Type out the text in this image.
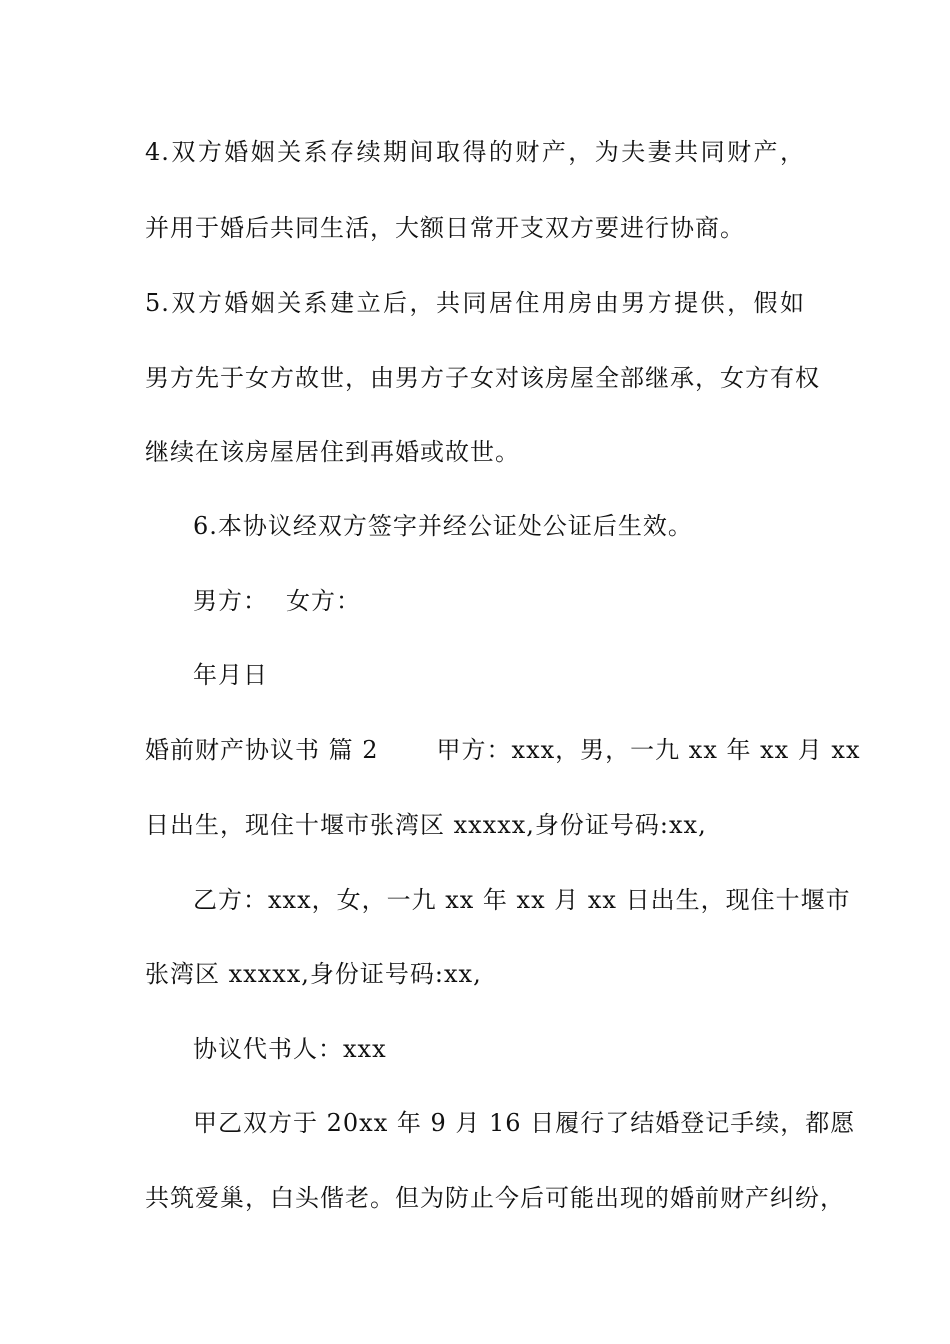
4.双方婚姻关系存续期间取得的财产，为夫妻共同财产，
并用于婚后共同生活，大额日常开支双方要进行协商。
5.双方婚姻关系建立后，共同居住用房由男方提供，假如
男方先于女方故世，由男方子女对该房屋全部继承，女方有权
继续在该房屋居住到再婚或故世。
6.本协议经双方签字并经公证处公证后生效。
男方： 女方：
年月日
婚前财产协议书 篇 2 甲方：xxx，男，一九 xx 年 xx 月 xx
日出生，现住十堰市张湾区 xxxxx,身份证号码:xx,
乙方：xxx，女，一九 xx 年 xx 月 xx 日出生，现住十堰市
张湾区 xxxxx,身份证号码:xx,
协议代书人：xxx
甲乙双方于 20xx 年 9 月 16 日履行了结婚登记手续，都愿
共筑爱巢，白头偕老。但为防止今后可能出现的婚前财产纠纷，
